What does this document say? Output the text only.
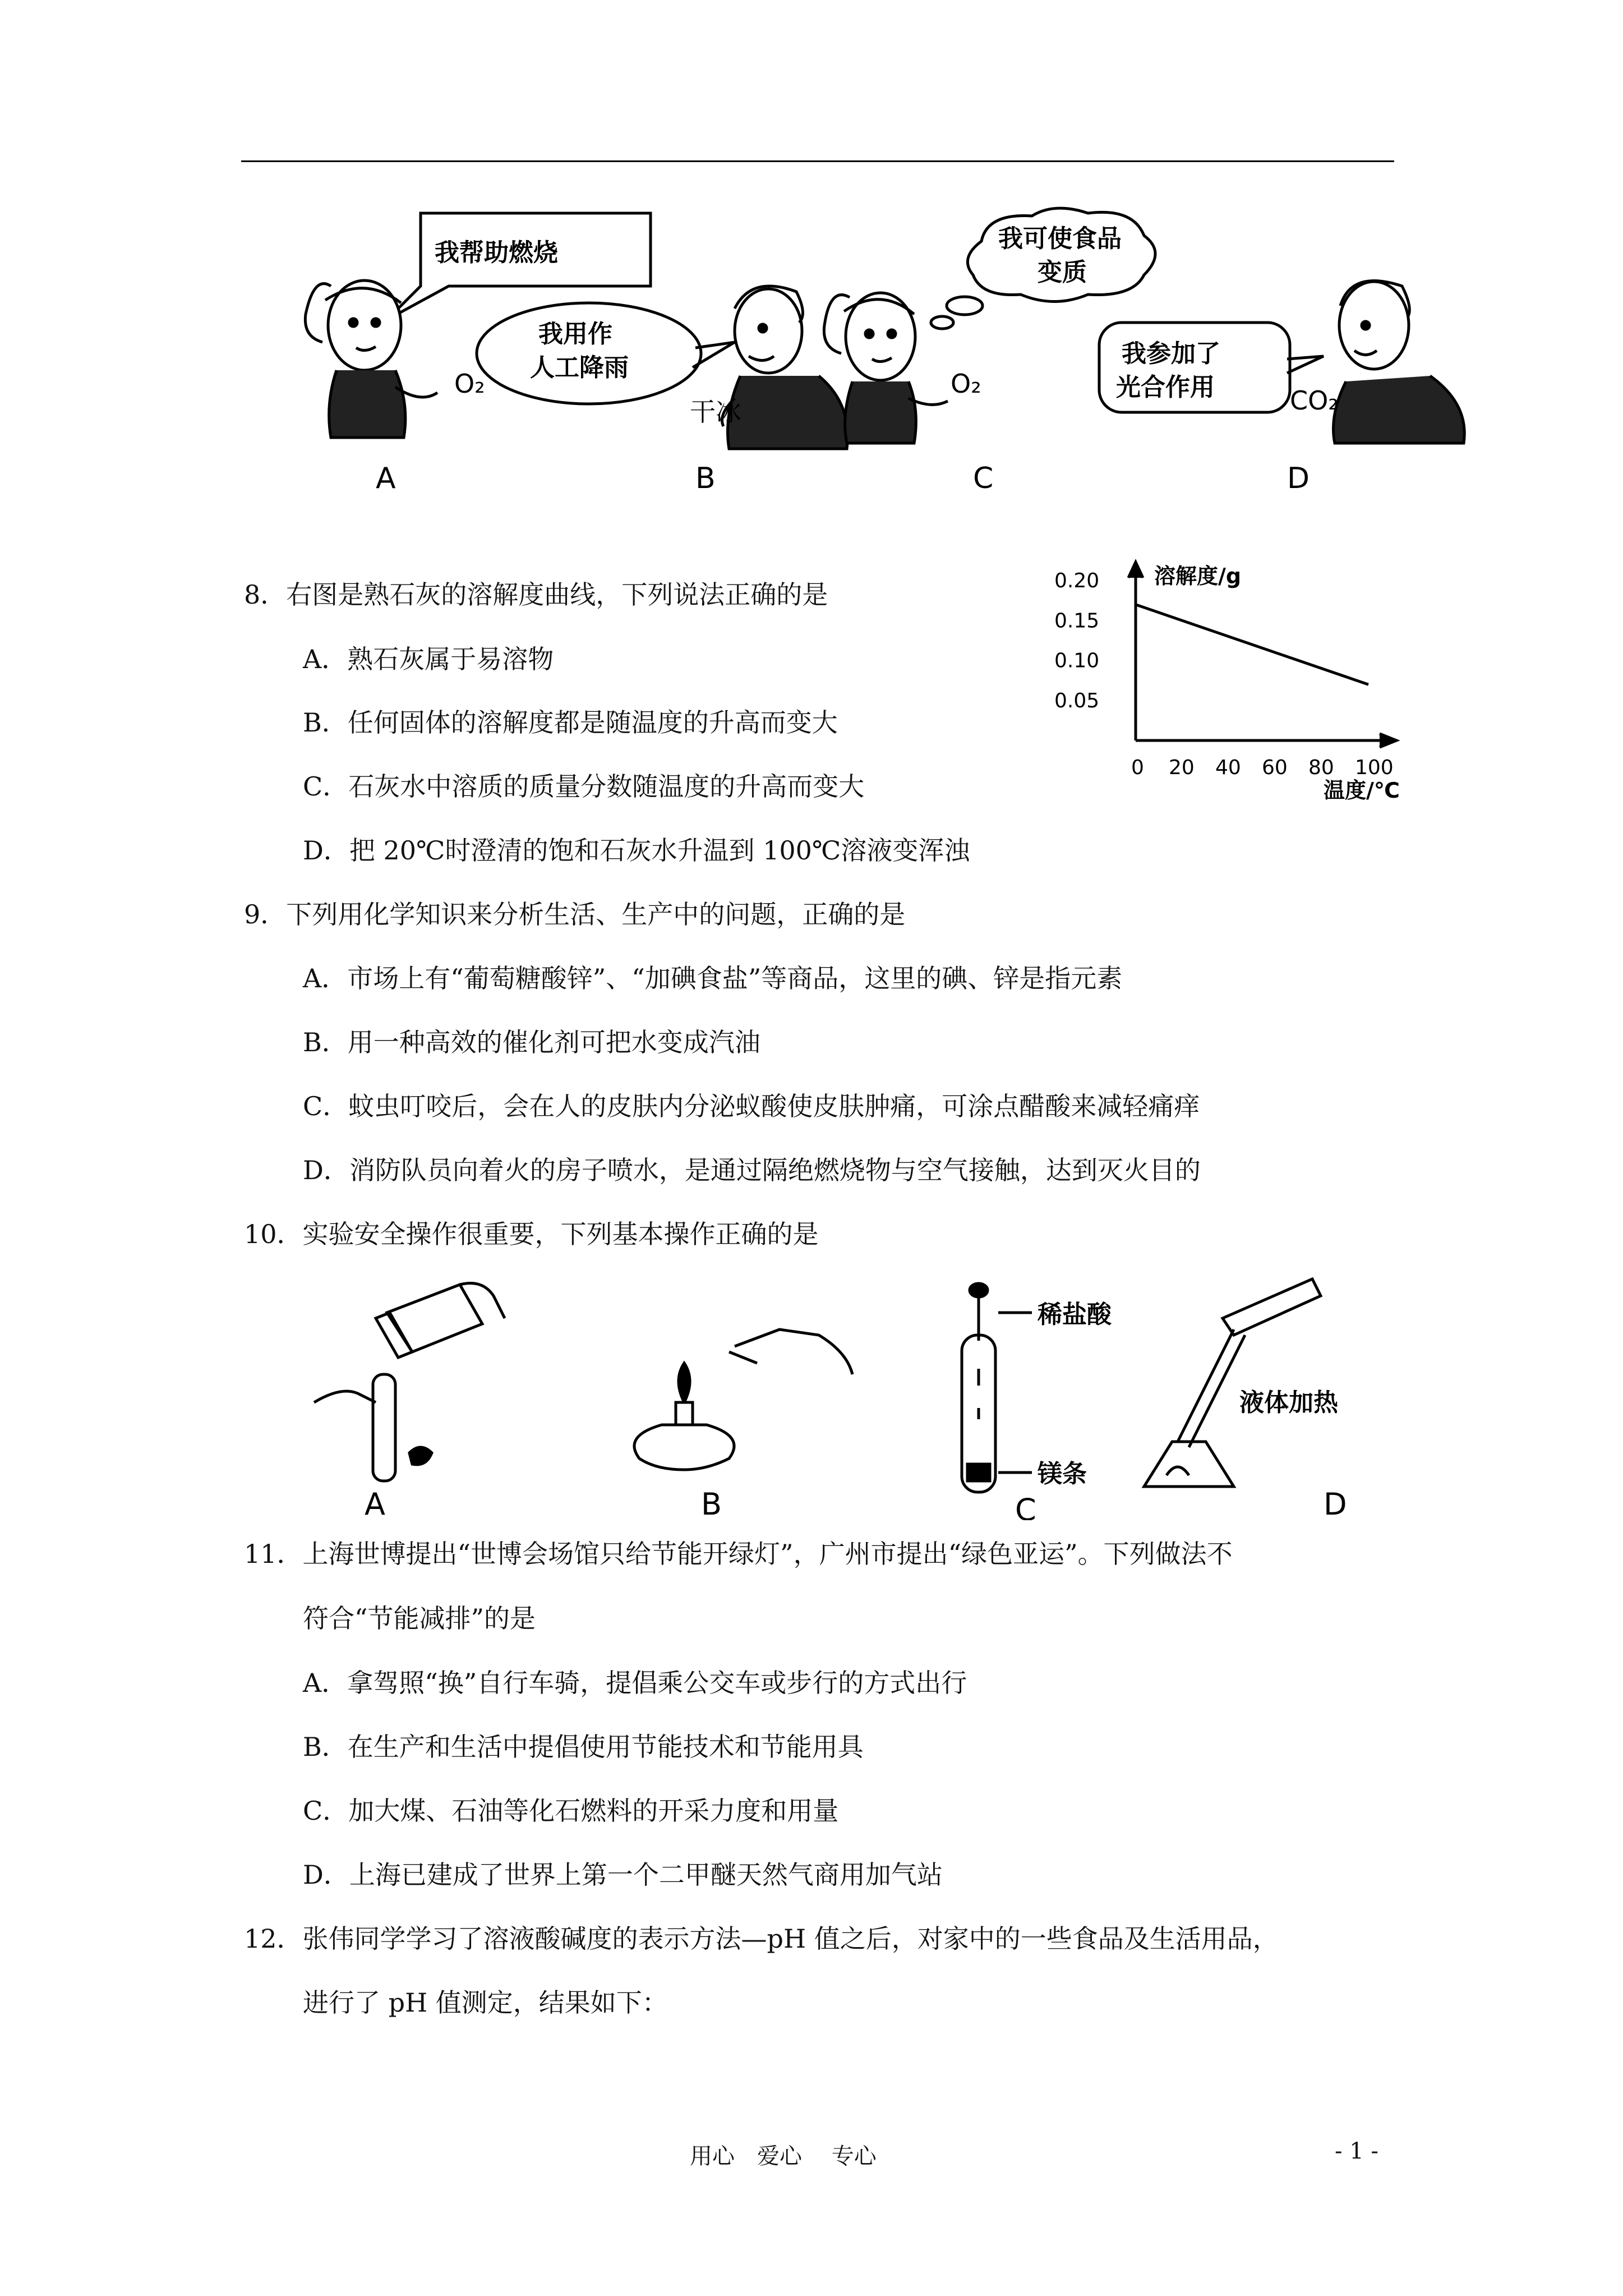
我帮助燃烧
我用作
人工降雨
我可使食品
变质
我参加了
光合作用
O₂
干冰
O₂
CO₂
A	B	C	D
8．右图是熟石灰的溶解度曲线，下列说法正确的是
A．熟石灰属于易溶物
B．任何固体的溶解度都是随温度的升高而变大
C．石灰水中溶质的质量分数随温度的升高而变大
D．把 20℃时澄清的饱和石灰水升温到 100℃溶液变浑浊
0 20 40 60 80 100
0.05
0.10
0.15
0.20	溶解度/g
温度/℃
9．下列用化学知识来分析生活、生产中的问题，正确的是
A．市场上有“葡萄糖酸锌”、“加碘食盐”等商品，这里的碘、锌是指元素
B．用一种高效的催化剂可把水变成汽油
C．蚊虫叮咬后，会在人的皮肤内分泌蚁酸使皮肤肿痛，可涂点醋酸来减轻痛痒
D．消防队员向着火的房子喷水，是通过隔绝燃烧物与空气接触，达到灭火目的
10．实验安全操作很重要，下列基本操作正确的是
稀盐酸
镁条
液体加热
A	B	C	D
11．上海世博提出“世博会场馆只给节能开绿灯”，广州市提出“绿色亚运”。下列做法不
符合“节能减排”的是
A．拿驾照“换”自行车骑，提倡乘公交车或步行的方式出行
B．在生产和生活中提倡使用节能技术和节能用具
C．加大煤、石油等化石燃料的开采力度和用量
D．上海已建成了世界上第一个二甲醚天然气商用加气站
12．张伟同学学习了溶液酸碱度的表示方法—pH 值之后，对家中的一些食品及生活用品，
进行了 pH 值测定，结果如下：
用心　爱心　 专心	- 1 -
